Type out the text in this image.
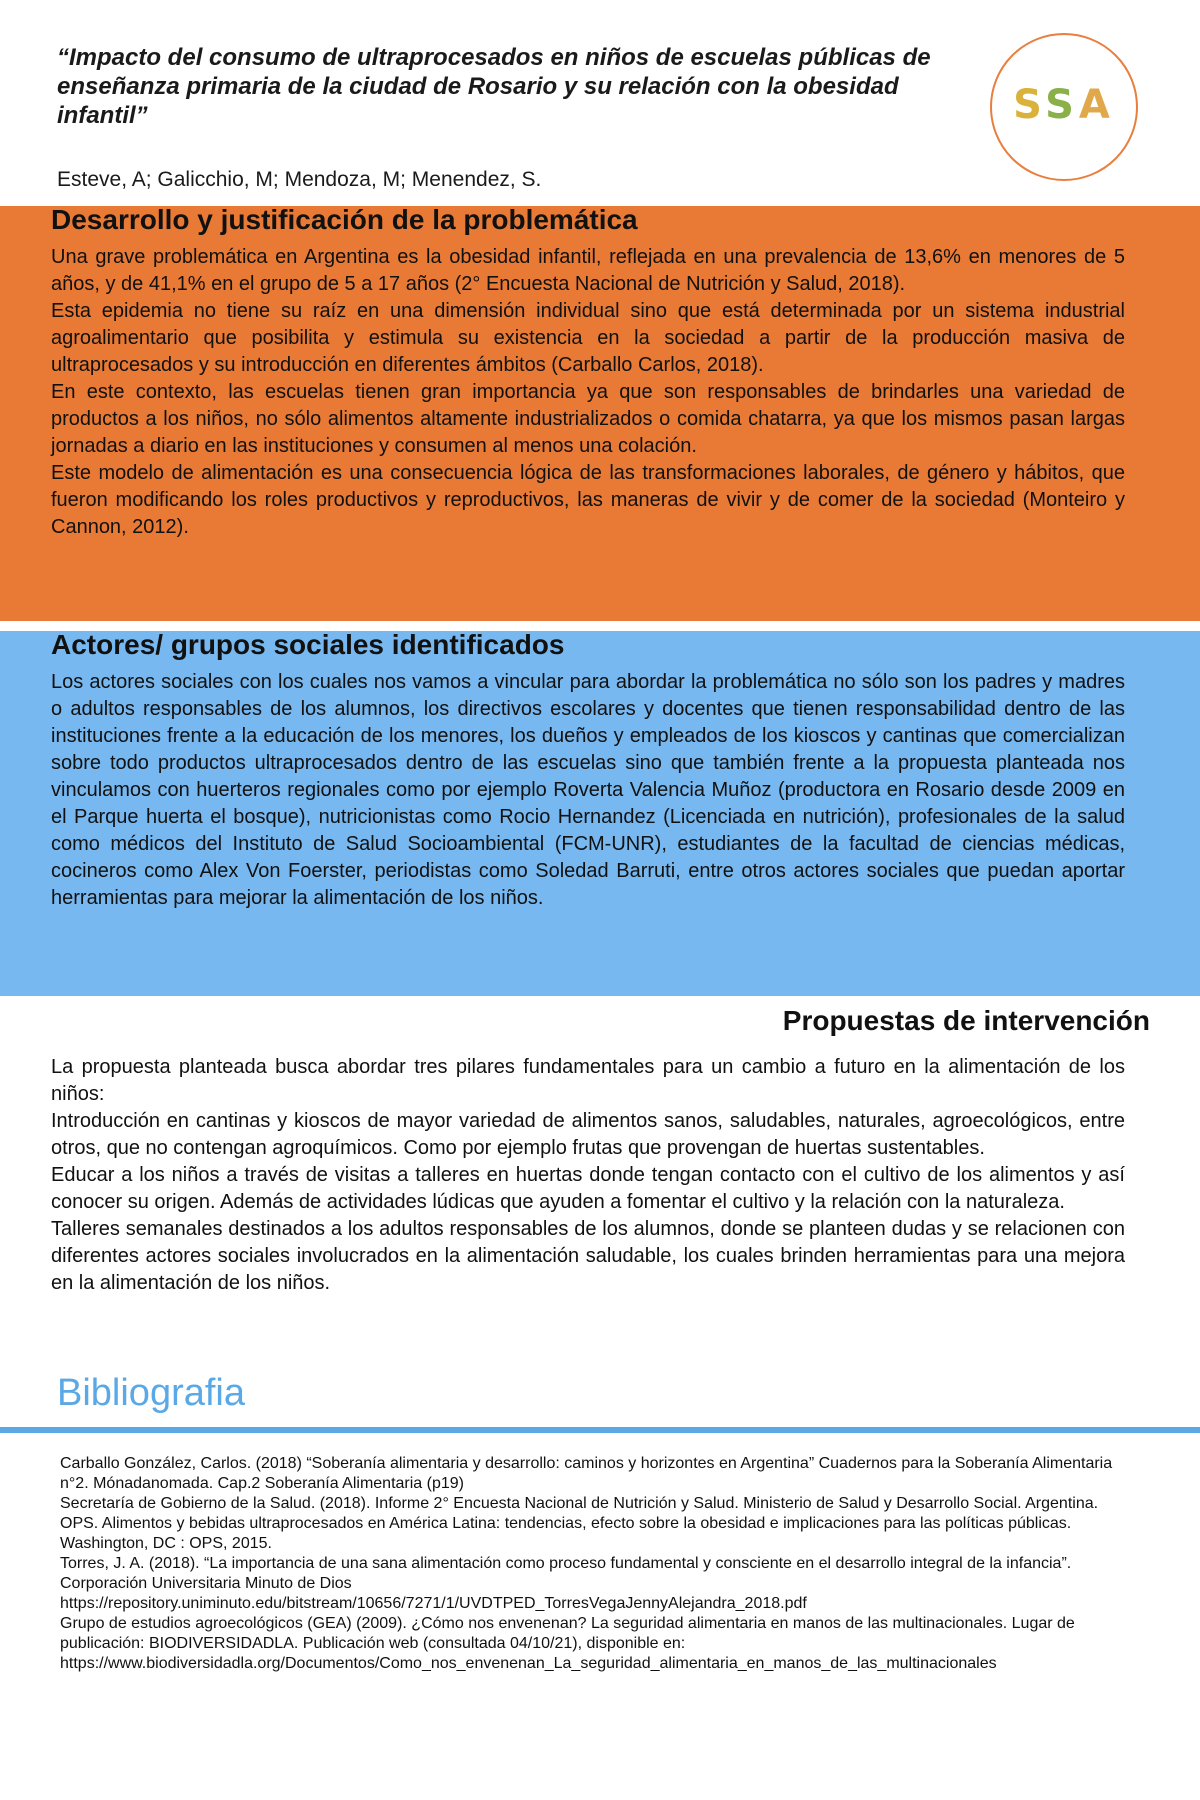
“Impacto del consumo de ultraprocesados en niños de escuelas públicas de enseñanza primaria de la ciudad de Rosario y su relación con la obesidad infantil”
Esteve, A; Galicchio, M; Mendoza, M; Menendez, S.
SSA
Desarrollo y justificación de la problemática

Una grave problemática en Argentina es la obesidad infantil, reflejada en una prevalencia de 13,6% en menores de 5 años, y de 41,1% en el grupo de 5 a 17 años (2° Encuesta Nacional de Nutrición y Salud, 2018).

Esta epidemia no tiene su raíz en una dimensión individual sino que está determinada por un sistema industrial agroalimentario que posibilita y estimula su existencia en la sociedad a partir de la producción masiva de ultraprocesados y su introducción en diferentes ámbitos (Carballo Carlos, 2018).

En este contexto, las escuelas tienen gran importancia ya que son responsables de brindarles una variedad de productos a los niños, no sólo alimentos altamente industrializados o comida chatarra, ya que los mismos pasan largas jornadas a diario en las instituciones y consumen al menos una colación.

Este modelo de alimentación es una consecuencia lógica de las transformaciones laborales, de género y hábitos, que fueron modificando los roles productivos y reproductivos, las maneras de vivir y de comer de la sociedad (Monteiro y Cannon, 2012).

Actores/ grupos sociales identificados

Los actores sociales con los cuales nos vamos a vincular para abordar la problemática no sólo son los padres y madres o adultos responsables de los alumnos, los directivos escolares y docentes que tienen responsabilidad dentro de las instituciones frente a la educación de los menores, los dueños y empleados de los kioscos y cantinas que comercializan sobre todo productos ultraprocesados dentro de las escuelas sino que también frente a la propuesta planteada nos vinculamos con huerteros regionales como por ejemplo Roverta Valencia Muñoz (productora en Rosario desde 2009 en el Parque huerta el bosque), nutricionistas como Rocio Hernandez (Licenciada en nutrición), profesionales de la salud como médicos del Instituto de Salud Socioambiental (FCM-UNR), estudiantes de la facultad de ciencias médicas, cocineros como Alex Von Foerster, periodistas como Soledad Barruti, entre otros actores sociales que puedan aportar herramientas para mejorar la alimentación de los niños.

Propuestas de intervención

La propuesta planteada busca abordar tres pilares fundamentales para un cambio a futuro en la alimentación de los niños:

Introducción en cantinas y kioscos de mayor variedad de alimentos sanos, saludables, naturales, agroecológicos, entre otros, que no contengan agroquímicos. Como por ejemplo frutas que provengan de huertas sustentables.

Educar a los niños a través de visitas a talleres en huertas donde tengan contacto con el cultivo de los alimentos y así conocer su origen. Además de actividades lúdicas que ayuden a fomentar el cultivo y la relación con la naturaleza.

Talleres semanales destinados a los adultos responsables de los alumnos, donde se planteen dudas y se relacionen con diferentes actores sociales involucrados en la alimentación saludable, los cuales brinden herramientas para una mejora en la alimentación de los niños.

Bibliografia

Carballo González, Carlos. (2018) “Soberanía alimentaria y desarrollo: caminos y horizontes en Argentina” Cuadernos para la Soberanía Alimentaria n°2. Mónadanomada. Cap.2 Soberanía Alimentaria (p19)

Secretaría de Gobierno de la Salud. (2018). Informe 2° Encuesta Nacional de Nutrición y Salud. Ministerio de Salud y Desarrollo Social. Argentina.

OPS. Alimentos y bebidas ultraprocesados en América Latina: tendencias, efecto sobre la obesidad e implicaciones para las políticas públicas. Washington, DC : OPS, 2015.

Torres, J. A. (2018). “La importancia de una sana alimentación como proceso fundamental y consciente en el desarrollo integral de la infancia”. Corporación Universitaria Minuto de Dios

https://repository.uniminuto.edu/bitstream/10656/7271/1/UVDTPED_TorresVegaJennyAlejandra_2018.pdf

Grupo de estudios agroecológicos (GEA) (2009). ¿Cómo nos envenenan? La seguridad alimentaria en manos de las multinacionales. Lugar de publicación: BIODIVERSIDADLA. Publicación web (consultada 04/10/21), disponible en:

https://www.biodiversidadla.org/Documentos/Como_nos_envenenan_La_seguridad_alimentaria_en_manos_de_las_multinacionales
